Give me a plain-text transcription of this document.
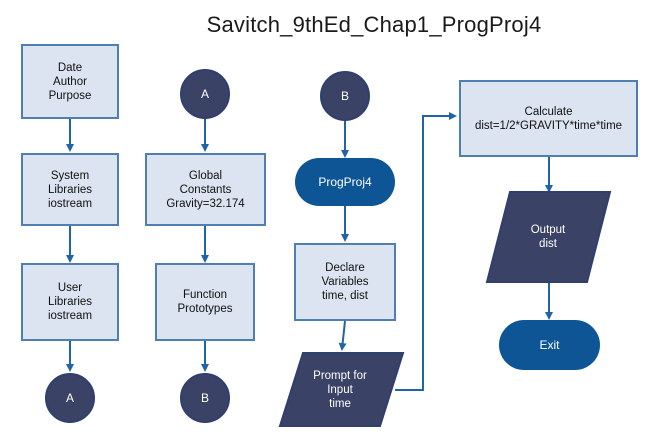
Savitch_9thEd_Chap1_ProgProj4
Date
Author
Purpose
System
Libraries
iostream
User
Libraries
iostream
A
A
Global
Constants
Gravity=32.174
Function
Prototypes
B
B
ProgProj4
Declare
Variables
time, dist
Prompt for
Input
time
Calculate
dist=1/2*GRAVITY*time*time
Output
dist
Exit
